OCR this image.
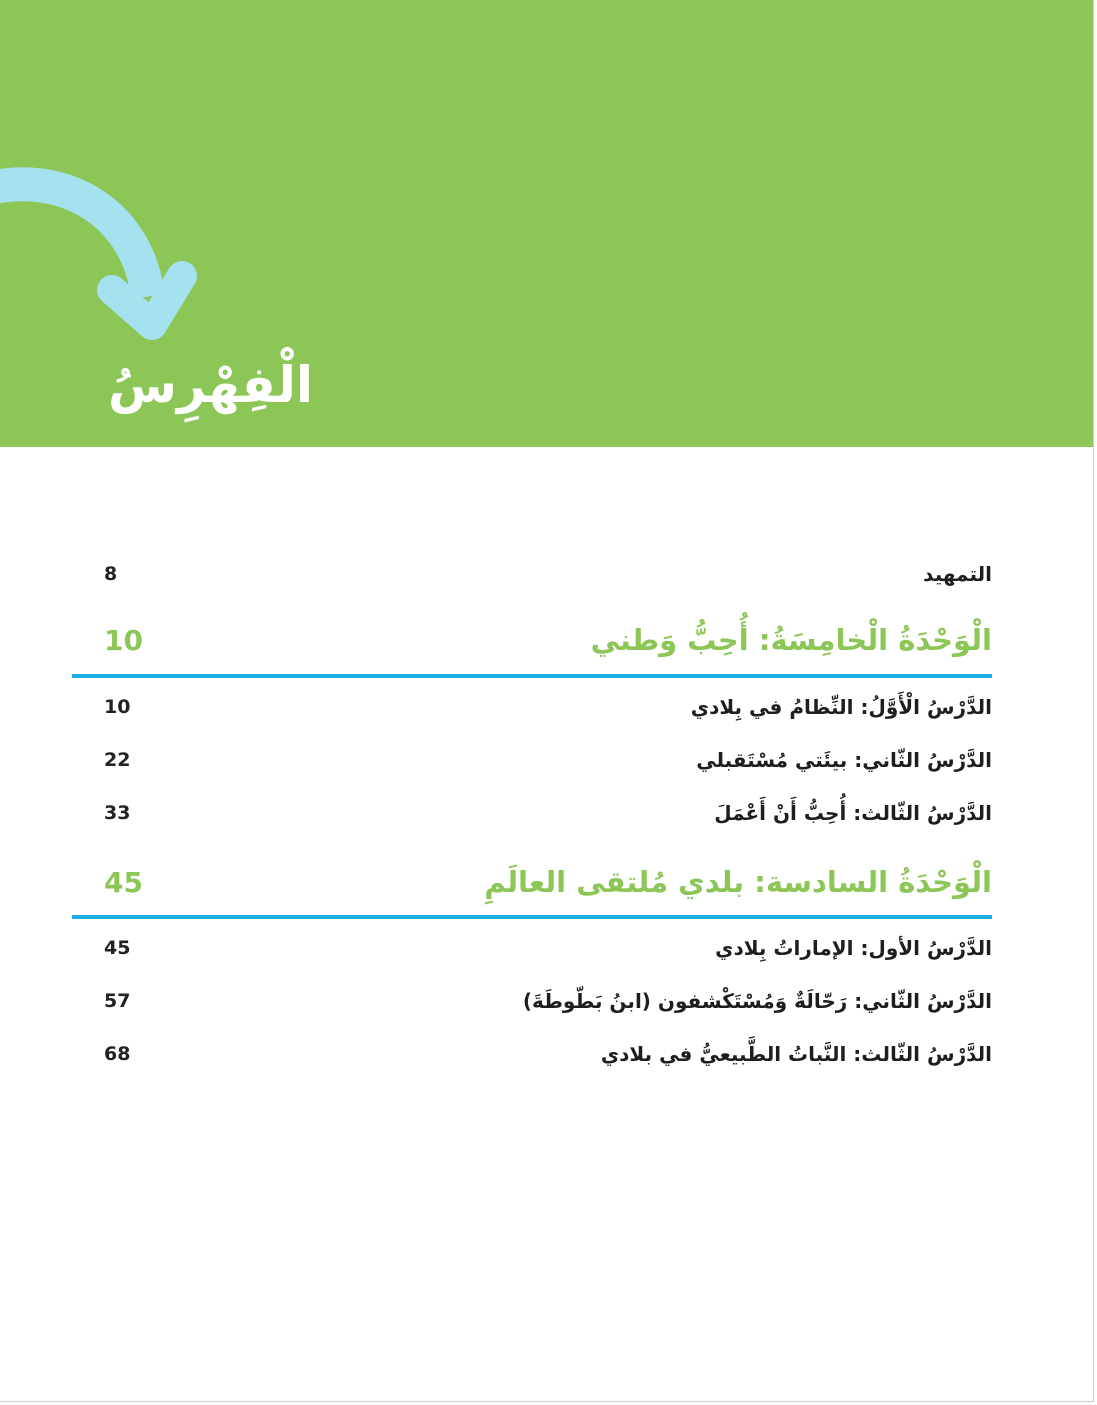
الْفِهْرِسُ
8	التمهيد
10	الْوَحْدَةُ الْخامِسَةُ: أُحِبُّ وَطني
10	الدَّرْسُ الْأَوَّلُ: النِّظامُ في بِلادي
22	الدَّرْسُ الثّاني: بيئَتي مُسْتَقبلي
33	الدَّرْسُ الثّالث: أُحِبُّ أَنْ أَعْمَلَ
45	الْوَحْدَةُ السادسة: بلدي مُلتقى العالَمِ
45	الدَّرْسُ الأول: الإماراتُ بِلادي
57	الدَّرْسُ الثّاني: رَحّالَةٌ وَمُسْتَكْشفون (ابنُ بَطّوطَةَ)
68	الدَّرْسُ الثّالث: النَّباتُ الطَّبيعيُّ في بلادي
